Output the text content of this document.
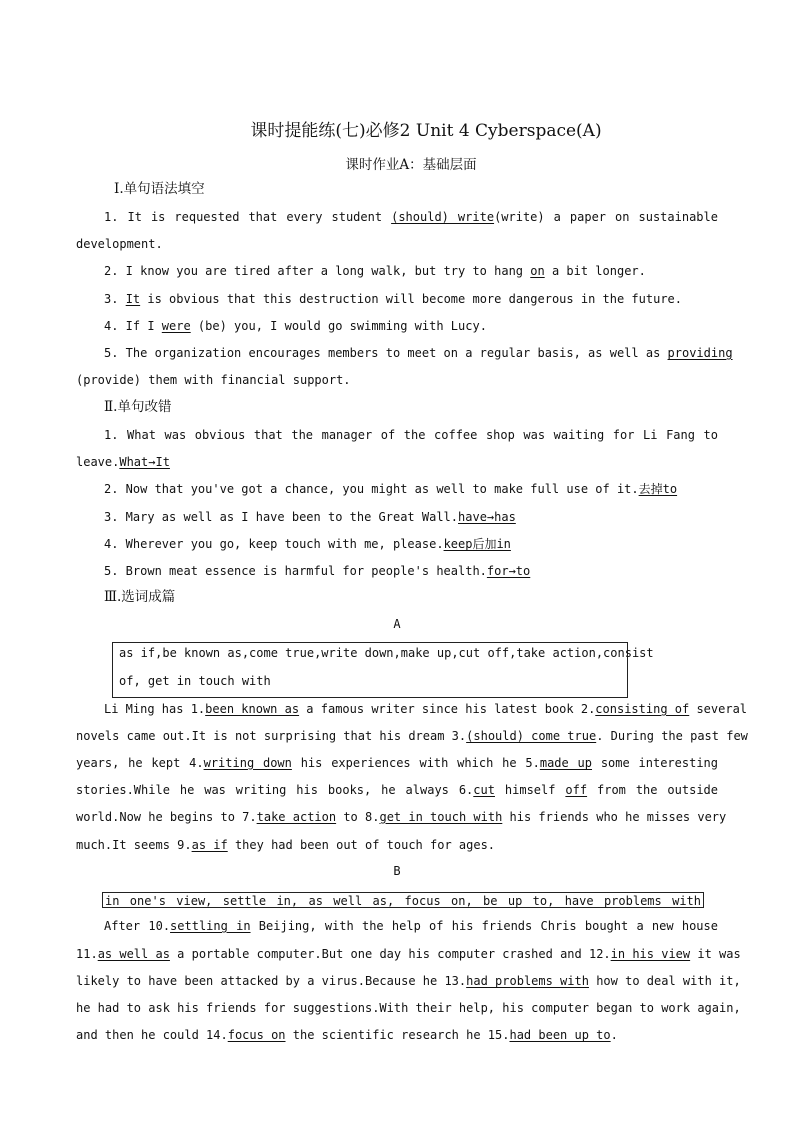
课时提能练(七)必修2 Unit 4 Cyberspace(A)
课时作业A：基础层面
Ⅰ.单句语法填空
1. It is requested that every student (should) write(write) a paper on sustainable
development.
2. I know you are tired after a long walk, but try to hang on a bit longer.
3. It is obvious that this destruction will become more dangerous in the future.
4. If I were (be) you, I would go swimming with Lucy.
5. The organization encourages members to meet on a regular basis, as well as providing
(provide) them with financial support.
Ⅱ.单句改错
1. What was obvious that the manager of the coffee shop was waiting for Li Fang to
leave.What→It
2. Now that you've got a chance, you might as well to make full use of it.去掉to
3. Mary as well as I have been to the Great Wall.have→has
4. Wherever you go, keep touch with me, please.keep后加in
5. Brown meat essence is harmful for people's health.for→to
Ⅲ.选词成篇
A
as if,be known as,come true,write down,make up,cut off,take action,consist
of, get in touch with
Li Ming has 1.been known as a famous writer since his latest book 2.consisting of several
novels came out.It is not surprising that his dream 3.(should) come true. During the past few
years, he kept 4.writing down his experiences with which he 5.made up some interesting
stories.While he was writing his books, he always 6.cut himself off from the outside
world.Now he begins to 7.take action to 8.get in touch with his friends who he misses very
much.It seems 9.as if they had been out of touch for ages.
B
in one's view, settle in, as well as, focus on, be up to, have problems with
After 10.settling in Beijing, with the help of his friends Chris bought a new house
11.as well as a portable computer.But one day his computer crashed and 12.in his view it was
likely to have been attacked by a virus.Because he 13.had problems with how to deal with it,
he had to ask his friends for suggestions.With their help, his computer began to work again,
and then he could 14.focus on the scientific research he 15.had been up to.
